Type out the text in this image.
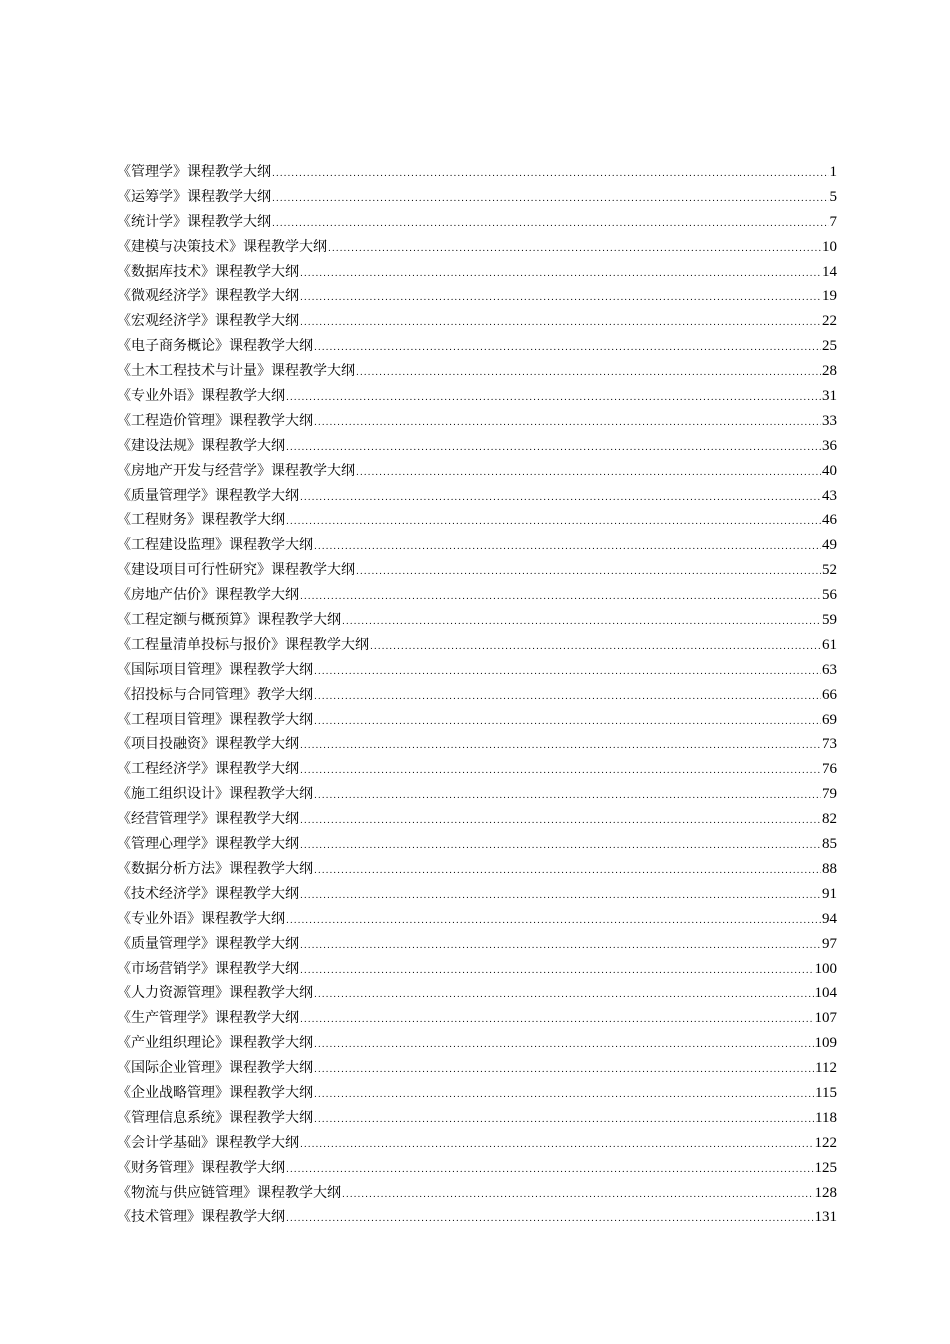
《管理学》课程教学大纲 .....	1
《运筹学》课程教学大纲 .....	5
《统计学》课程教学大纲 .....	7
《建模与决策技术》课程教学大纲 .....	10
《数据库技术》课程教学大纲 .....	14
《微观经济学》课程教学大纲 .....	19
《宏观经济学》课程教学大纲 .....	22
《电子商务概论》课程教学大纲 .....	25
《土木工程技术与计量》课程教学大纲 .....	28
《专业外语》课程教学大纲 .....	31
《工程造价管理》课程教学大纲 .....	33
《建设法规》课程教学大纲 .....	36
《房地产开发与经营学》课程教学大纲 .....	40
《质量管理学》课程教学大纲 .....	43
《工程财务》课程教学大纲 .....	46
《工程建设监理》课程教学大纲 .....	49
《建设项目可行性研究》课程教学大纲 .....	52
《房地产估价》课程教学大纲 .....	56
《工程定额与概预算》课程教学大纲 .....	59
《工程量清单投标与报价》课程教学大纲 .....	61
《国际项目管理》课程教学大纲 .....	63
《招投标与合同管理》教学大纲 .....	66
《工程项目管理》课程教学大纲 .....	69
《项目投融资》课程教学大纲 .....	73
《工程经济学》课程教学大纲 .....	76
《施工组织设计》课程教学大纲 .....	79
《经营管理学》课程教学大纲 .....	82
《管理心理学》课程教学大纲 .....	85
《数据分析方法》课程教学大纲 .....	88
《技术经济学》课程教学大纲 .....	91
《专业外语》课程教学大纲 .....	94
《质量管理学》课程教学大纲 .....	97
《市场营销学》课程教学大纲 .....	100
《人力资源管理》课程教学大纲 .....	104
《生产管理学》课程教学大纲 .....	107
《产业组织理论》课程教学大纲 .....	109
《国际企业管理》课程教学大纲 .....	112
《企业战略管理》课程教学大纲 .....	115
《管理信息系统》课程教学大纲 .....	118
《会计学基础》课程教学大纲 .....	122
《财务管理》课程教学大纲 .....	125
《物流与供应链管理》课程教学大纲 .....	128
《技术管理》课程教学大纲 .....	131
